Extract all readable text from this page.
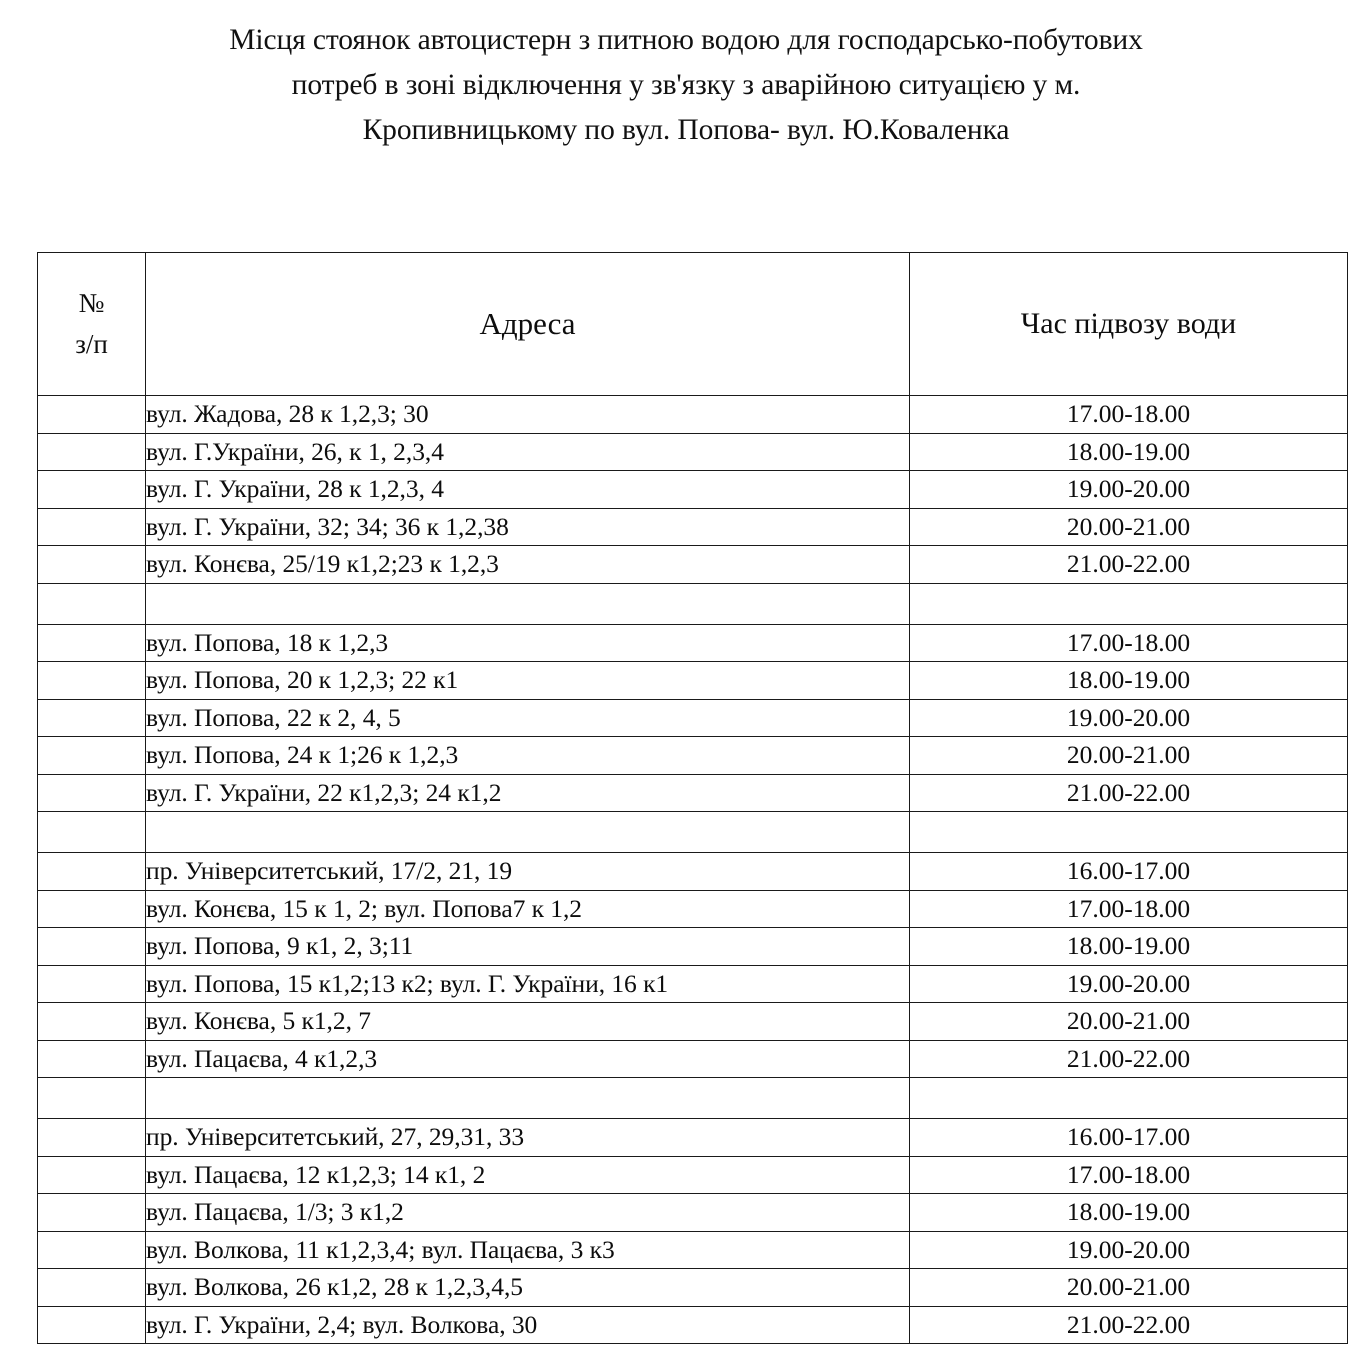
Місця стоянок автоцистерн з питною водою для господарсько-побутових
потреб в зоні відключення у зв'язку з аварійною ситуацією у м.
Кропивницькому по вул. Попова- вул. Ю.Коваленка
№
з/п	Адреса	Час підвозу води
	вул. Жадова, 28 к 1,2,3; 30	17.00-18.00
	вул. Г.України, 26, к 1, 2,3,4	18.00-19.00
	вул. Г. України, 28 к 1,2,3, 4	19.00-20.00
	вул. Г. України, 32; 34; 36 к 1,2,38	20.00-21.00
	вул. Конєва, 25/19 к1,2;23 к 1,2,3	21.00-22.00

	вул. Попова, 18 к 1,2,3	17.00-18.00
	вул. Попова, 20 к 1,2,3; 22 к1	18.00-19.00
	вул. Попова, 22 к 2, 4, 5	19.00-20.00
	вул. Попова, 24 к 1;26 к 1,2,3	20.00-21.00
	вул. Г. України, 22 к1,2,3; 24 к1,2	21.00-22.00

	пр. Університетський, 17/2, 21, 19	16.00-17.00
	вул. Конєва, 15 к 1, 2; вул. Попова7 к 1,2	17.00-18.00
	вул. Попова, 9 к1, 2, 3;11	18.00-19.00
	вул. Попова, 15 к1,2;13 к2; вул. Г. України, 16 к1	19.00-20.00
	вул. Конєва, 5 к1,2, 7	20.00-21.00
	вул. Пацаєва, 4 к1,2,3	21.00-22.00

	пр. Університетський, 27, 29,31, 33	16.00-17.00
	вул. Пацаєва, 12 к1,2,3; 14 к1, 2	17.00-18.00
	вул. Пацаєва, 1/3; 3 к1,2	18.00-19.00
	вул. Волкова, 11 к1,2,3,4; вул. Пацаєва, 3 к3	19.00-20.00
	вул. Волкова, 26 к1,2, 28 к 1,2,3,4,5	20.00-21.00
	вул. Г. України, 2,4; вул. Волкова, 30	21.00-22.00
